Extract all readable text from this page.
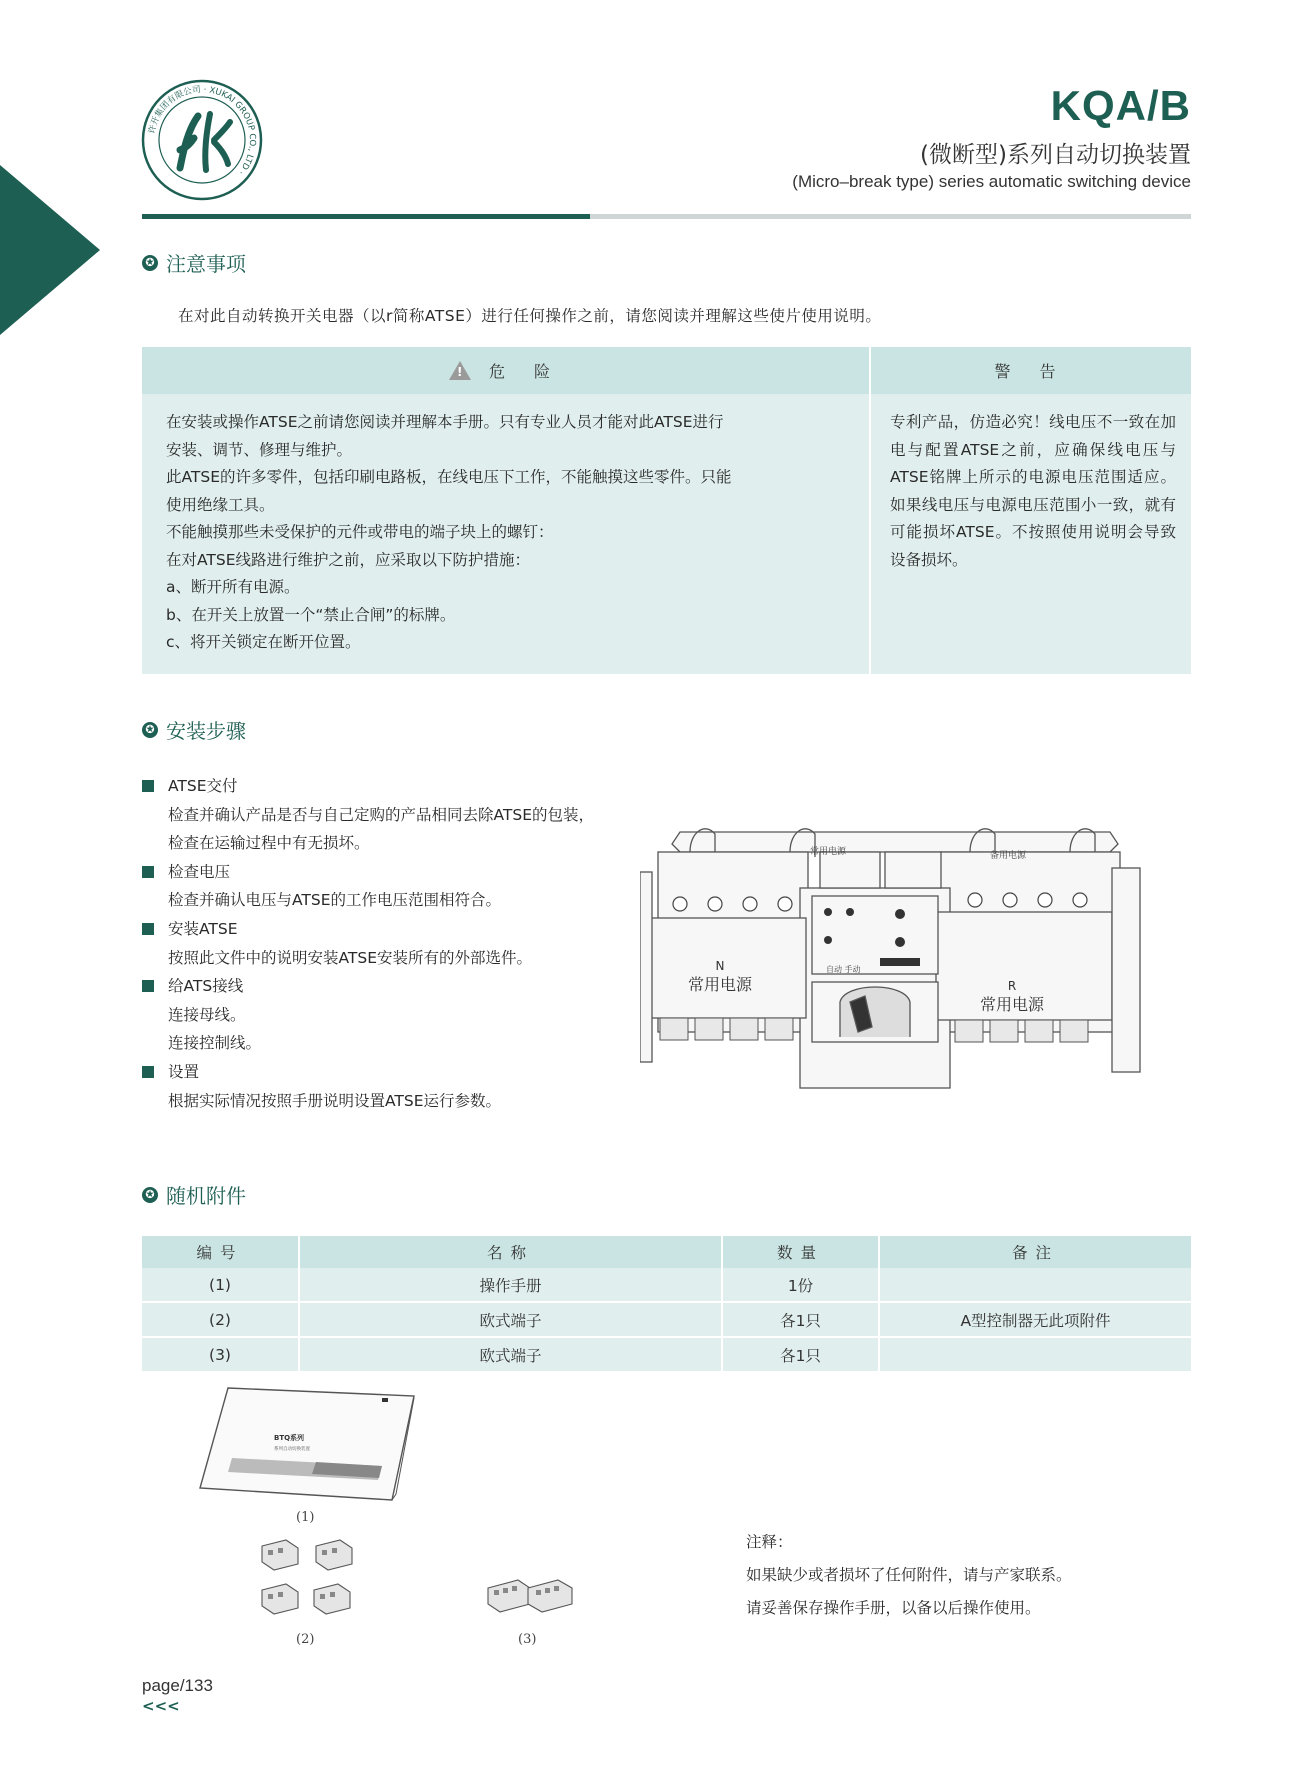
许开集团有限公司 · XUKAI GROUP CO., LTD ·
KQA/B
(微断型)系列自动切换装置
(Micro–break type) series automatic switching device
✪ 注意事项
在对此自动转换开关电器（以r简称ATSE）进行任何操作之前，请您阅读并理解这些使片使用说明。
! 危 险	警 告
在安装或操作ATSE之前请您阅读并理解本手册。只有专业人员才能对此ATSE进行
安装、调节、修理与维护。
此ATSE的许多零件，包括印刷电路板，在线电压下工作，不能触摸这些零件。只能
使用绝缘工具。
不能触摸那些未受保护的元件或带电的端子块上的螺钉：
在对ATSE线路进行维护之前，应采取以下防护措施：
a、断开所有电源。
b、在开关上放置一个“禁止合闸”的标牌。
c、将开关锁定在断开位置。
专利产品，仿造必究！线电压不一致在加电与配置ATSE之前，应确保线电压与ATSE铭牌上所示的电源电压范围适应。如果线电压与电源电压范围小一致，就有可能损坏ATSE。不按照使用说明会导致设备损坏。
✪ 安装步骤
ATSE交付
检查并确认产品是否与自己定购的产品相同去除ATSE的包装，
检查在运输过程中有无损坏。
检查电压
检查并确认电压与ATSE的工作电压范围相符合。
安装ATSE
按照此文件中的说明安装ATSE安装所有的外部选件。
给ATS接线
连接母线。
连接控制线。
设置
根据实际情况按照手册说明设置ATSE运行参数。
常用电源	备用电源
自动 手动
N
常用电源	R
常用电源
✪ 随机附件
编号	名称	数量	备注
(1)	操作手册	1份	
(2)	欧式端子	各1只	A型控制器无此项附件
(3)	欧式端子	各1只	
BTQ系列
系列自动切换装置
(1)
(2)	(3)
注释：
如果缺少或者损坏了任何附件，请与产家联系。
请妥善保存操作手册，以备以后操作使用。
page/133
<<<
